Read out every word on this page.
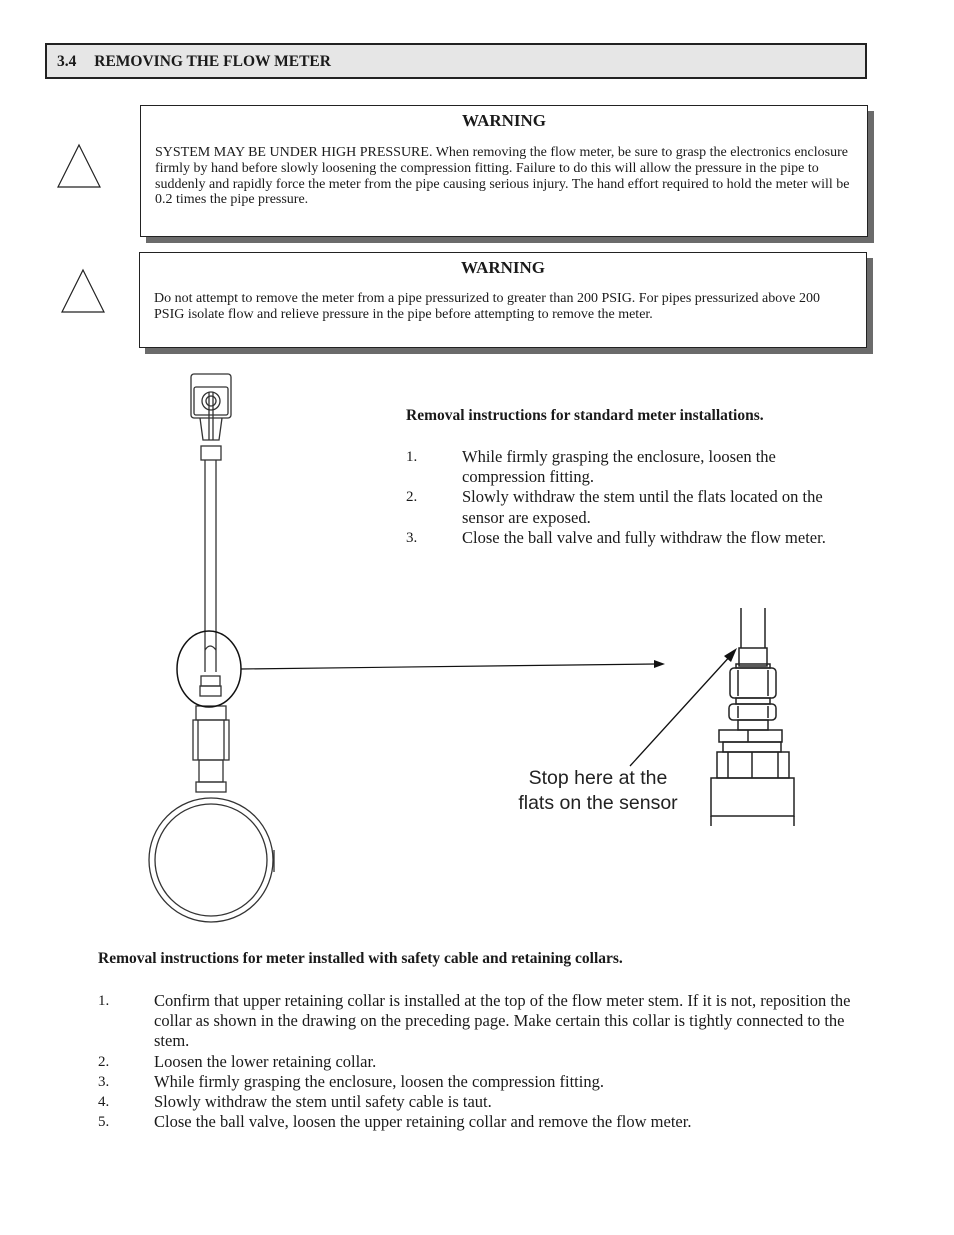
3.4 REMOVING THE FLOW METER
WARNING
SYSTEM MAY BE UNDER HIGH PRESSURE. When removing the flow meter, be sure to grasp the electronics enclosure firmly by hand before slowly loosening the compression fitting. Failure to do this will allow the pressure in the pipe to suddenly and rapidly force the meter from the pipe causing serious injury. The hand effort required to hold the meter will be 0.2 times the pipe pressure.
WARNING
Do not attempt to remove the meter from a pipe pressurized to greater than 200 PSIG. For pipes pressurized above 200 PSIG isolate flow and relieve pressure in the pipe before attempting to remove the meter.
Stop here at the
flats on the sensor
Removal instructions for standard meter installations.
1.	While firmly grasping the enclosure, loosen the compression fitting.
2.	Slowly withdraw the stem until the flats located on the sensor are exposed.
3.	Close the ball valve and fully withdraw the flow meter.
Removal instructions for meter installed with safety cable and retaining collars.
1.	Confirm that upper retaining collar is installed at the top of the flow meter stem. If it is not, reposition the collar as shown in the drawing on the preceding page. Make certain this collar is tightly connected to the stem.
2.	Loosen the lower retaining collar.
3.	While firmly grasping the enclosure, loosen the compression fitting.
4.	Slowly withdraw the stem until safety cable is taut.
5.	Close the ball valve, loosen the upper retaining collar and remove the flow meter.
